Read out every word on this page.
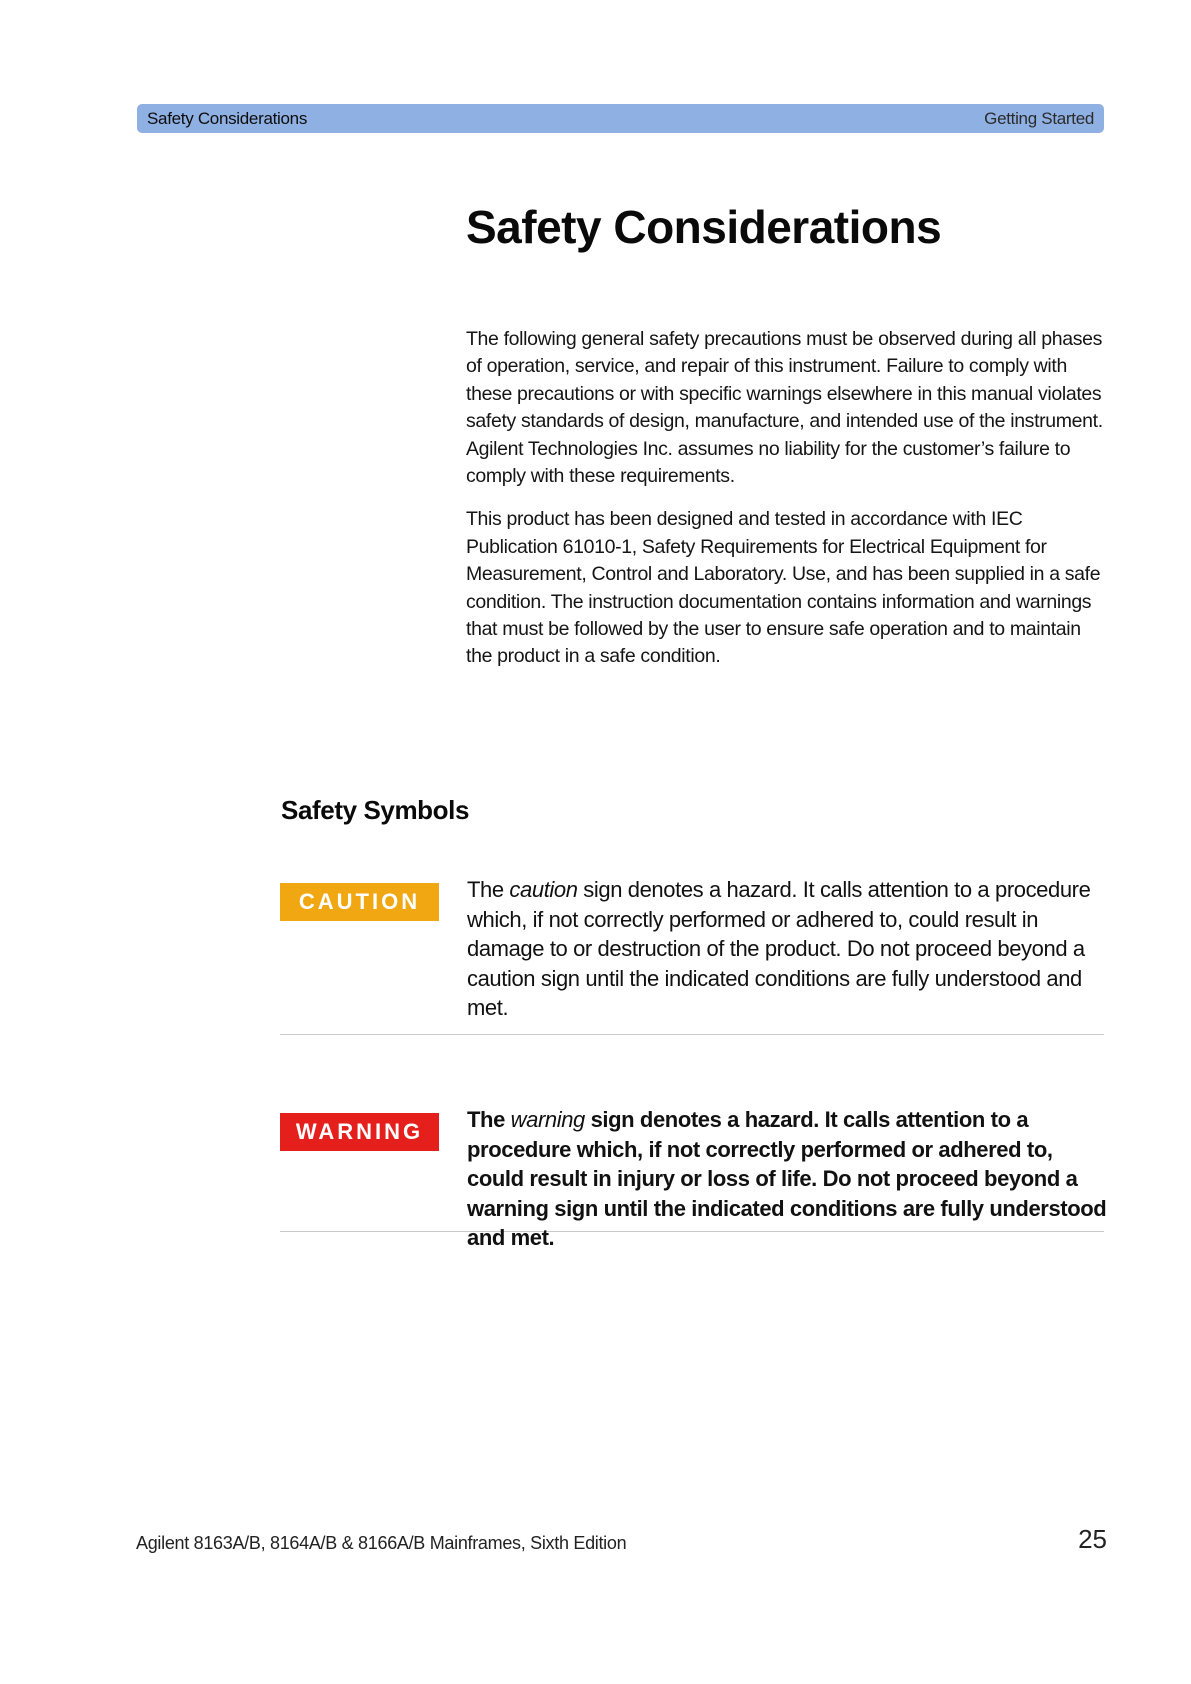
Safety Considerations	Getting Started
Safety Considerations

The following general safety precautions must be observed during all phases of operation, service, and repair of this instrument. Failure to comply with these precautions or with specific warnings elsewhere in this manual violates safety standards of design, manufacture, and intended use of the instrument. Agilent Technologies Inc. assumes no liability for the customer’s failure to comply with these requirements.

This product has been designed and tested in accordance with IEC Publication 61010-1, Safety Requirements for Electrical Equipment for Measurement, Control and Laboratory. Use, and has been supplied in a safe condition. The instruction documentation contains information and warnings that must be followed by the user to ensure safe operation and to maintain the product in a safe condition.

Safety Symbols
CAUTION	The caution sign denotes a hazard. It calls attention to a procedure which, if not correctly performed or adhered to, could result in damage to or destruction of the product. Do not proceed beyond a caution sign until the indicated conditions are fully understood and met.

WARNING	The warning sign denotes a hazard. It calls attention to a procedure which, if not correctly performed or adhered to, could result in injury or loss of life. Do not proceed beyond a warning sign until the indicated conditions are fully understood and met.

Agilent 8163A/B, 8164A/B & 8166A/B Mainframes, Sixth Edition	25
